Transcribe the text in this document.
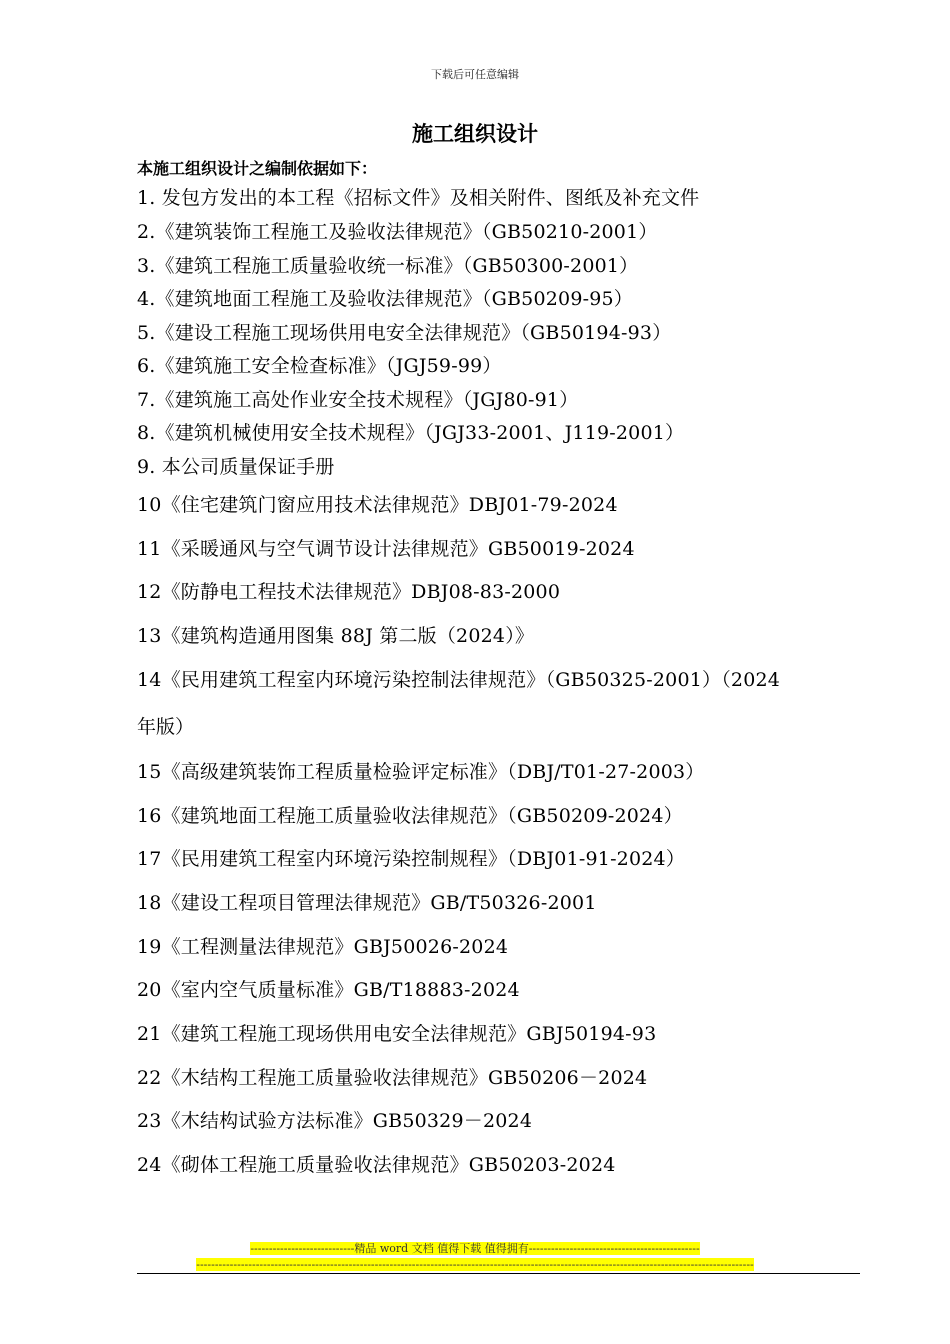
下载后可任意编辑
施工组织设计
本施工组织设计之编制依据如下：
1. 发包方发出的本工程《招标文件》及相关附件、图纸及补充文件
2.《建筑装饰工程施工及验收法律规范》（GB50210-2001）
3.《建筑工程施工质量验收统一标准》（GB50300-2001）
4.《建筑地面工程施工及验收法律规范》（GB50209-95）
5.《建设工程施工现场供用电安全法律规范》（GB50194-93）
6.《建筑施工安全检查标准》（JGJ59-99）
7.《建筑施工高处作业安全技术规程》（JGJ80-91）
8.《建筑机械使用安全技术规程》（JGJ33-2001、J119-2001）
9. 本公司质量保证手册
10《住宅建筑门窗应用技术法律规范》DBJ01-79-2024
11《采暖通风与空气调节设计法律规范》GB50019-2024
12《防静电工程技术法律规范》DBJ08-83-2000
13《建筑构造通用图集 88J 第二版（2024）》
14《民用建筑工程室内环境污染控制法律规范》（GB50325-2001）（2024
年版）
15《高级建筑装饰工程质量检验评定标准》（DBJ/T01-27-2003）
16《建筑地面工程施工质量验收法律规范》（GB50209-2024）
17《民用建筑工程室内环境污染控制规程》（DBJ01-91-2024）
18《建设工程项目管理法律规范》GB/T50326-2001
19《工程测量法律规范》GBJ50026-2024
20《室内空气质量标准》GB/T18883-2024
21《建筑工程施工现场供用电安全法律规范》GBJ50194-93
22《木结构工程施工质量验收法律规范》GB50206－2024
23《木结构试验方法标准》GB50329－2024
24《砌体工程施工质量验收法律规范》GB50203-2024
----------------------------精品 word 文档 值得下载 值得拥有----------------------------------------------
------------------------------------------------------------------------------------------------------------------------------------------------------
